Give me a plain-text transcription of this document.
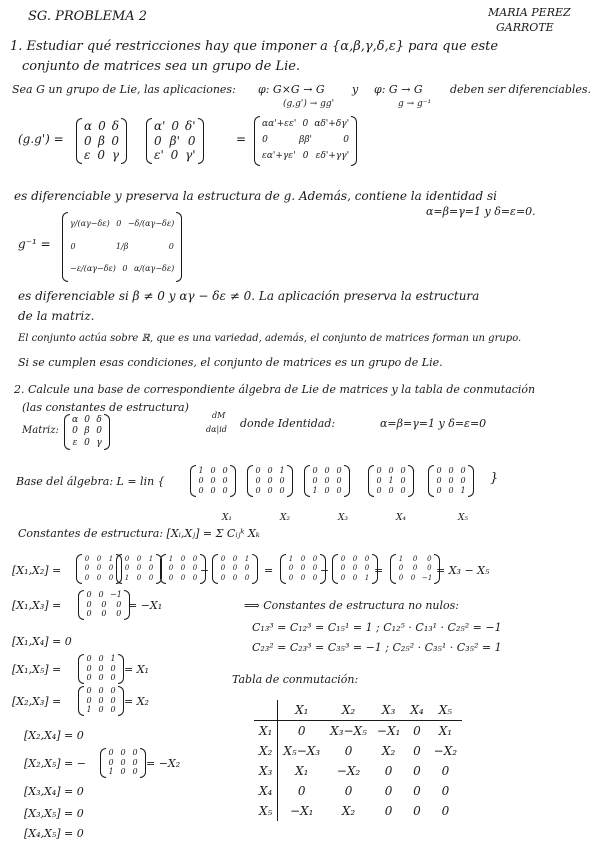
SG. PROBLEMA 2	MARIA PEREZ
GARROTE
1. Estudiar qué restricciones hay que imponer a {α,β,γ,δ,ε} para que este
conjunto de matrices sea un grupo de Lie.
Sea G un grupo de Lie, las aplicaciones: φ: G×G → G
(g,g') → gg'
y φ: G → G
g → g⁻¹
deben ser diferenciables.
(g.g') =
α 0 δ
0 β 0
ε 0 γ
α' 0 δ'
0 β' 0
ε' 0 γ'
=
αα'+εε' 0 αδ'+δγ'
0	ββ'	0
εα'+γε' 0 εδ'+γγ'
es diferenciable y preserva la estructura de g. Además, contiene la identidad si
α=β=γ=1 y δ=ε=0.
g⁻¹ =
γ/(αγ−δε) 0 −δ/(αγ−δε)
0	1/β	0
−ε/(αγ−δε) 0 α/(αγ−δε)
es diferenciable si β ≠ 0 y αγ − δε ≠ 0. La aplicación preserva la estructura
de la matriz.
El conjunto actúa sobre ℝ, que es una variedad, además, el conjunto de matrices forman un grupo.
Si se cumplen esas condiciones, el conjunto de matrices es un grupo de Lie.
2. Calcule una base de correspondiente álgebra de Lie de matrices y la tabla de conmutación
(las constantes de estructura)
Matriz:
α 0 δ
0 β 0
ε 0 γ
dM
dα|id donde Identidad:	α=β=γ=1 y δ=ε=0
Base del álgebra: L = lin {
1 0 0
0 0 0
0 0 0
0 0 1
0 0 0
0 0 0
0 0 0
0 0 0
1 0 0
0 0 0
0 1 0
0 0 0
0 0 0
0 0 0
0 0 1
}
X₁	X₂	X₃	X₄	X₅
Constantes de estructura: [Xᵢ,Xⱼ] = Σ Cᵢⱼᵏ Xₖ
[X₁,X₂] =
0 0 1
0 0 0
0 0 0
0 0 1
0 0 0
1 0 0
1 0 0
0 0 0
0 0 0
−
0 0 1
0 0 0
0 0 0
=
1 0 0
0 0 0
0 0 0
−
0 0 0
0 0 0
0 0 1
=
1 0 0
0 0 0
0 0 −1
= X₃ − X₅
[X₁,X₃] =
0 0 −1
0 0 0
0 0 0
= −X₁
[X₁,X₄] = 0
[X₁,X₅] =
0 0 1
0 0 0
0 0 0
= X₁
[X₂,X₃] =
0 0 0
0 0 0
1 0 0
= X₂
[X₂,X₄] = 0
[X₂,X₅] = −
0 0 0
0 0 0
1 0 0
= −X₂
[X₃,X₄] = 0
[X₃,X₅] = 0
[X₄,X₅] = 0
⟹ Constantes de estructura no nulos:
C₁₃³ = C₁₂³ = C₁₅¹ = 1 ; C₁₂⁵ · C₁₃¹ · C₂₅² = −1
C₂₃² = C₂₃³ = C₃₅³ = −1 ; C₂₅² · C₃₅¹ · C₃₅² = 1
Tabla de conmutación:
	X₁	X₂	X₃	X₄	X₅
X₁	0	X₃−X₅	−X₁	0	X₁
X₂	X₅−X₃	0	X₂	0	−X₂
X₃	X₁	−X₂	0	0	0
X₄	0	0	0	0	0
X₅	−X₁	X₂	0	0	0
